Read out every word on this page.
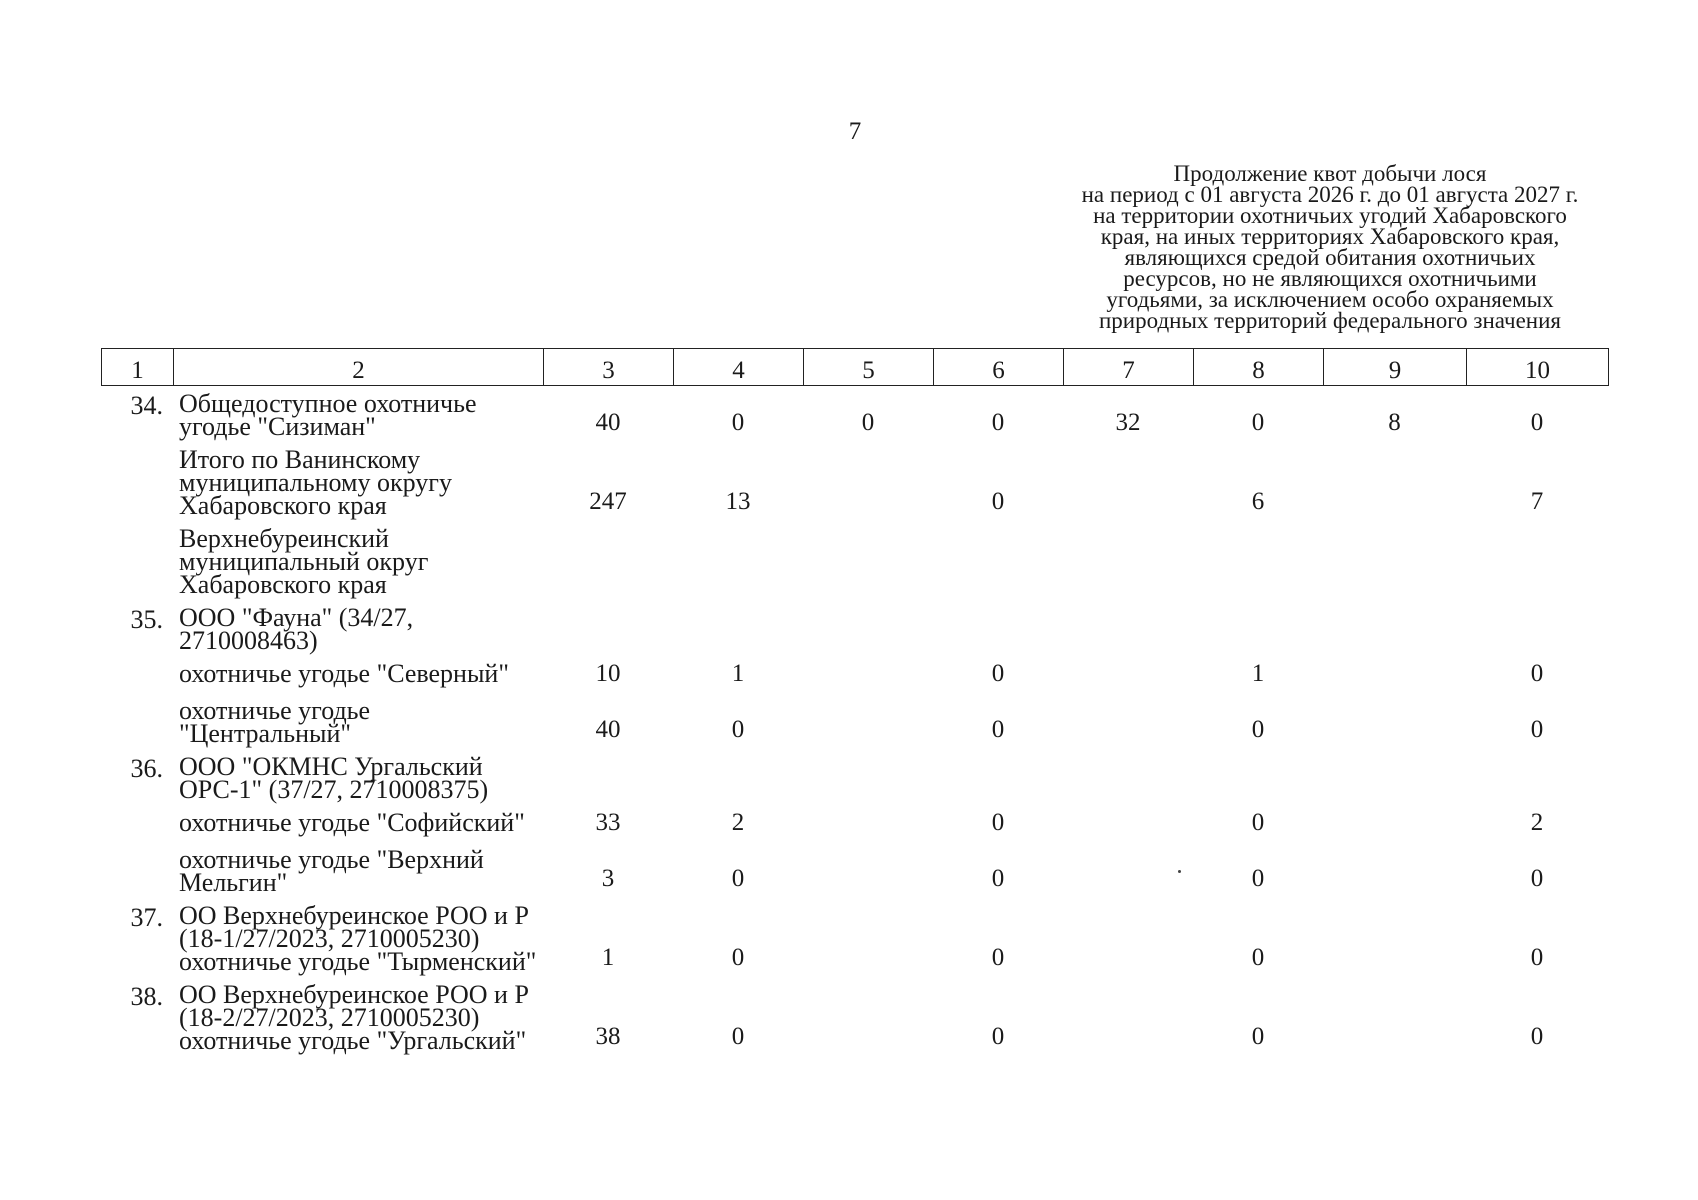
7
Продолжение квот добычи лося
на период с 01 августа 2026 г. до 01 августа 2027 г.
на территории охотничьих угодий Хабаровского
края, на иных территориях Хабаровского края,
являющихся средой обитания охотничьих
ресурсов, но не являющихся охотничьими
угодьями, за исключением особо охраняемых
природных территорий федерального значения
1	2	3	4	5	6	7	8	9	10
34.	Общедоступное охотничье угодье "Сизиман"	40	0	0	0	32	0	8	0
	Итого по Ванинскому муниципальному округу Хабаровского края	247	13		0		6		7
	Верхнебуреинский муниципальный округ Хабаровского края								
35.	ООО "Фауна" (34/27, 2710008463)								
	охотничье угодье "Северный"	10	1		0		1		0
	охотничье угодье "Центральный"	40	0		0		0		0
36.	ООО "ОКМНС Ургальский ОРС-1" (37/27, 2710008375)								
	охотничье угодье "Софийский"	33	2		0		0		2
	охотничье угодье "Верхний Мельгин"	3	0		0		0		0
37.	ОО Верхнебуреинское РОО и Р (18-1/27/2023, 2710005230) охотничье угодье "Тырменский"	1	0		0		0		0
38.	ОО Верхнебуреинское РОО и Р (18-2/27/2023, 2710005230) охотничье угодье "Ургальский"	38	0		0		0		0
